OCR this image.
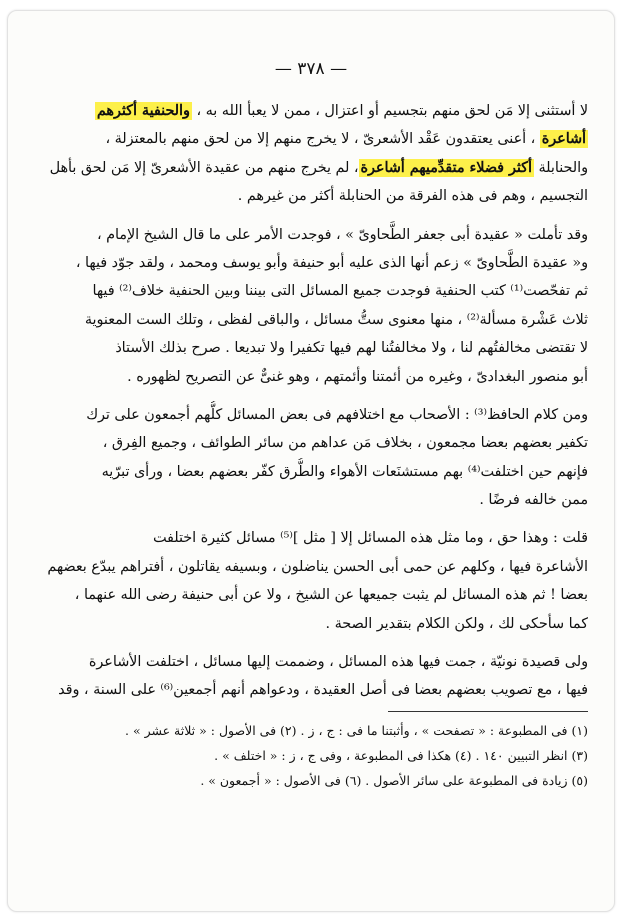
— ٣٧٨ —
لا أستثنى إلا مَن لحق منهم بتجسيم أو اعتزال ، ممن لا يعبأ الله به ، والحنفية أكثرهم
أشاعرة ، أعنى يعتقدون عَقْد الأشعرىّ ، لا يخرج منهم إلا من لحق منهم بالمعتزلة ،
والحنابلة أكثر فضلاء متقدِّميهم أشاعرة، لم يخرج منهم من عقيدة الأشعرىّ إلا مَن لحق بأهل
التجسيم ، وهم فى هذه الفرقة من الحنابلة أكثر من غيرهم .
وقد تأملت « عقيدة أبى جعفر الطَّحاوىّ » ، فوجدت الأمر على ما قال الشيخ الإمام ،
و« عقيدة الطَّحاوىّ » زعم أنها الذى عليه أبو حنيفة وأبو يوسف ومحمد ، ولقد جوّد فيها ،
ثم تفحّصت⁽¹⁾ كتب الحنفية فوجدت جميع المسائل التى بيننا وبين الحنفية خلاف⁽²⁾ فيها
ثلاث عَشْرة مسألة⁽²⁾ ، منها معنوى ستُّ مسائل ، والباقى لفظى ، وتلك الست المعنوية
لا تقتضى مخالفتُهم لنا ، ولا مخالفتُنا لهم فيها تكفيرا ولا تبديعا . صرح بذلك الأستاذ
أبو منصور البغدادىّ ، وغيره من أئمتنا وأئمتهم ، وهو غنىٌّ عن التصريح لظهوره .
ومن كلام الحافظ⁽³⁾ : الأصحاب مع اختلافهم فى بعض المسائل كلُّهم أجمعون على ترك
تكفير بعضهم بعضا مجمعون ، بخلاف مَن عداهم من سائر الطوائف ، وجميع الفِرق ،
فإنهم حين اختلفت⁽⁴⁾ بهم مستشنَعات الأهواء والطُّرق كفّر بعضهم بعضا ، ورأى تبرّيه
ممن خالفه فرضًا .
قلت : وهذا حق ، وما مثل هذه المسائل إلا [ مثل ]⁽⁵⁾ مسائل كثيرة اختلفت
الأشاعرة فيها ، وكلهم عن حمى أبى الحسن يناضلون ، وبسيفه يقاتلون ، أفتراهم يبدّع بعضهم
بعضا ! ثم هذه المسائل لم يثبت جميعها عن الشيخ ، ولا عن أبى حنيفة رضى الله عنهما ،
كما سأحكى لك ، ولكن الكلام بتقدير الصحة .
ولى قصيدة نونيّة ، جمت فيها هذه المسائل ، وضممت إليها مسائل ، اختلفت الأشاعرة
فيها ، مع تصويب بعضهم بعضا فى أصل العقيدة ، ودعواهم أنهم أجمعين⁽⁶⁾ على السنة ، وقد
(١) فى المطبوعة : « تصفحت » ، وأثبتنا ما فى : ج ، ز . (٢) فى الأصول : « ثلاثة عشر » .
(٣) انظر التبيين ١٤٠ . (٤) هكذا فى المطبوعة ، وفى ج ، ز : « اختلف » .
(٥) زيادة فى المطبوعة على سائر الأصول . (٦) فى الأصول : « أجمعون » .
